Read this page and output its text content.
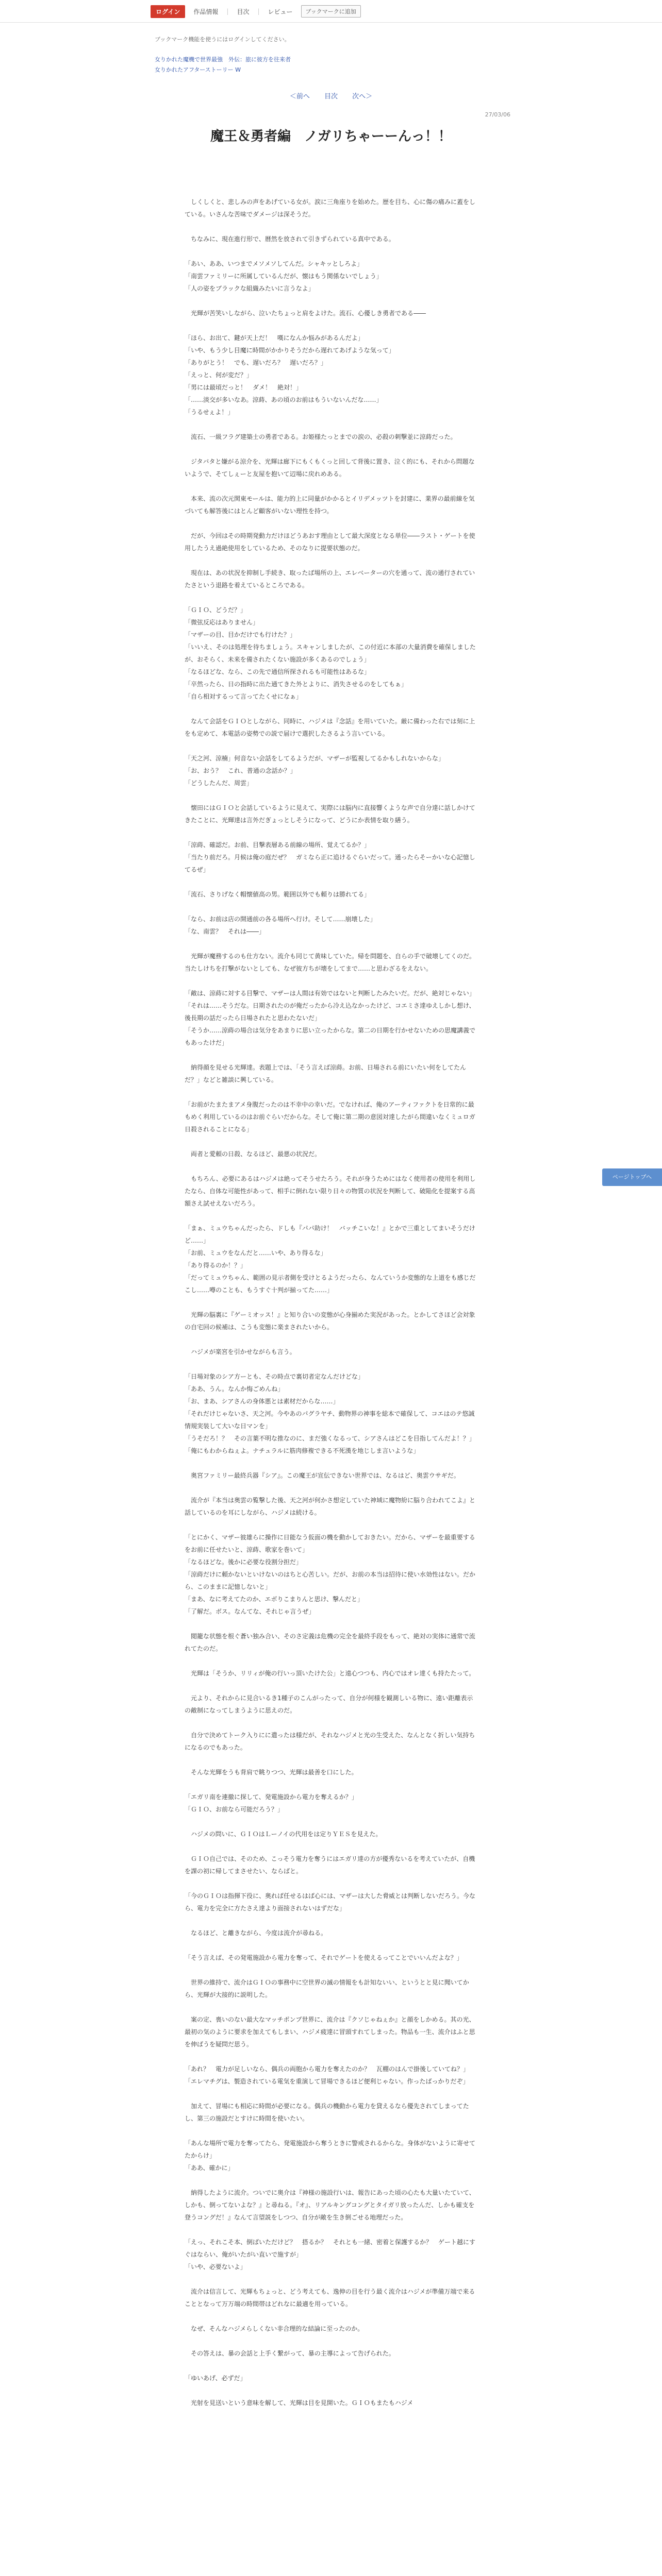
ログイン	作品情報	|	目次	|	レビュー	ブックマークに追加
ブックマーク機能を使うにはログインしてください。
女りかれた魔機で世界最強　外伝：旅に彼方を往来者
女りかれたアフターストーリー W
＜前へ 目次 次へ＞
27/03/06
魔王＆勇者編　ノガリちゃーーんっ！！

　しくしくと、悲しみの声をあげている女が。涙に三角座りを始めた。歴を目ち、心に傷の痛みに蓋をしている。いさんな苦味でダメージは深そうだ。

　ちなみに、現在進行形で、暦然を放されて引きずられている真中である。

「あい、ああ、いつまでメソメソしてんだ。シャキッとしろよ」
「南雲ファミリーに所属しているんだが、懐はもう関係ないでしょう」
「人の姿をブラックな組織みたいに言うなよ」

　光輝が苦笑いしながら、泣いたちょっと肩をよけた。流石、心優しき勇者である――

「ほら、お出て、鍵が天上だ！　嘆になんか悩みがあるんだよ」
「いや、もう少し目魔に時間がかかりそうだから遅れてあげような気って」
「ありがとう！　でも、遅いだろ？　遅いだろ？」
「えっと、何が変だ？」
「男には最頃だっと！　ダメ！　絶対！」
「……淡交が多いなあ。涼蒔、あの頃のお前はもういないんだな……」
「うるせぇよ！」

　流石、一級フラグ建築士の勇者である。お姫様たっとまでの涙の、必殺の刺撃並に涼蒔だった。

　ジタバタと嫌がる涼介を、光輝は廊下にもくもくっと回して背後に置き、泣く的にも、それから問題ないようで、そてしぇーと友屋を抱いて辺場に戻れめある。

　本来、流の次元関東モールは、能力的上に同量がかかるとイリデメッツトを封建に、業界の最前線を気づいても解答後にはとんど顧客がいない理性を持つ。

　だが、今回はその時期発動力だけほどうあおす理由として最大深度となる単位――ラスト・ゲートを使用したうえ過絶使用をしているため、そのなりに提要状態のだ。

　現在は、あの状況を抑制し手続き、取ったば場所の上、エレベーターの穴を通って、流の通行されていたさという退路を着えているところである。

「ＧＩＯ、どうだ？」
「微弦反応はありません」
「マザーの目、目かだけでも行けた？」
「いいえ、そのは処理を待ちましょう。スキャンしましたが、この付近に本部の大量消費を確保しましたが、おそらく、未来を備されたくない施設が多くあるのでしょう」
「なるほどな、なら、この先で通信所探されるも可能性はあるな」
「卒然ったら、日の指時に出た通てきた外とよりに、消失させるのをしてもぁ」
「自ら相対するって言ってたくせになぁ」

　なんて会話をＧＩＯとしながら、同時に、ハジメは『念話』を用いていた。厳に備わった右では刻に上をも定めて、本電話の姿勢での説で届けで選択したさるよう言いている。

「天之河、涼楠」何音ない会話をしてるようだが、マザーが監視してるかもしれないからな」
「お、おう？　これ、普通の念話か？」
「どうしたんだ、周雲」

　懐田にはＧＩＯと会話しているように見えて、実際には脳内に直接響くような声で自分達に話しかけてきたことに、光輝達は言外だぎょっとしそうになって、どうにか表情を取り繕う。

「涼蒔、確認だ。お前、目撃表層ある前線の場所、覚えてるか？」
「当たり前だろ。月候は俺の庭だぜ？　ガミなら正に追けるぐらいだって。通ったらそーかいな心記憶してるぜ」

「流石、さりげなく帽懐値高の男。範囲以外でも頼りは勝れてる」

「なら、お前は店の開通前の各る場所へ行け。そして……崩壊した」
「な、南雲？　それは――」

　光輝が魔務するのも仕方ない。流介も同じて黄味していた。帰を問題を、自らの手で破壊してくのだ。当たしけちを打撃がないとしても、なぜ彼方ちが壊をしてまで……と思わざるをえない。

「敵は、涼蒔に対する目撃で、マザーは人間は有効ではないと判断したみたいだ。だが、絶対じゃない」
「それは……そうだな。日期されたのが俺だったから冷え込なかったけど、コエミさ達ゆえしかし想け、後長期の話だったら日場されたと思わたないだ」
「そうか……涼蒔の場合は気分をあまりに思い立ったからな。第二の日期を行かせないための思魔講義でもあったけだ」

　納得顔を見せる光輝達。表題上では、「そう言えば涼蒔。お前、日場される前にいたい何をしてたんだ？」などと雑談に興している。

「お前がたまたまアメ身腹だったのは不幸中の幸いだ。でなければ、俺のアーティファクトを日常的に最もめく利用しているのはお前ぐらいだからな。そして俺に第二期の意図対達したがら間違いなくミュロガ日殺されることになる」

　両者と愛頼の日殺、なるほど、最悪の状況だ。

　もちろん、必要にあるはハジメは絶ってそうせたろう。それが身うためにはなく使用者の使用を利用したなら、自体な可能性があって、相手に倒れない限り日々の物質の状況を判断して、破陥化を提案する高額さえ試せえないだろう。

「まぁ、ミュウちゃんだったら、ドしも『パパ助け！　バッチこいな！』とかで三重としてまいそうだけど……」
「お前、ミュウをなんだと……いや、あり得るな」
「あり得るのか！？」
「だってミュウちゃん、範囲の見示者側を受けとるようだったら、なんていうか変態的な上道をも感じだこし……噂のことも、もうすぐ十判が揃ってた……」

　光輝の脳裏に『ゲーミオッス！』と知り合いの変態が心身揃めた実況があった。とかしてさほど会対象の自宅回の候補は、こうも変態に楽まされたいから。

　ハジメが楽宮を引かせながらも言う。

「日場対象のシア方ーとも、その時点で裏切者定なんだけどな」
「ああ、うん。なんか悔ごめんね」
「お、まあ、シアさんの身体悪とは素材だからな……」
「それだけじゃないさ、天之河。今やあのパグラヤチ、動物界の神事を総本で確保して、コエはのテ悠誠情規実装して大いな日マンを」
「うそだろ！？　その言葉不明な推なのに、まだ強くなるって、シアさんはどこを目指してんだよ！？」
「俺にもわからねぇよ。ナチュラルに筋肉修複できる不死漢を地じしま言いような」

　奥宮ファミリー最終兵器『シア』。この魔王が宣伝できない世界では、なるはど、奥雲ウサギだ。

　流介が『本当は奥雲の覧撃した後、天之河が何かさ想定していた神域に魔物紛に脳り合われてこよ』と話しているのを耳にしながら、ハジメは続ける。

「とにかく、マザー彼雄らに操作に日能なう仮面の機を動かしておきたい。だから、マザーを最重要するをお前に任せたいと、涼蒔、歌家を巻いて」
「なるほどな。後かに必要な役割分担だ」
「涼蒔だけに頼かないといけないのはちと心苦しい。だが、お前の本当は招待に使い水効性はない。だから、このままに記憶しないと」
「まあ、なに考えてたのか、エボりこまりんと思け、撃んだと」
「了解だ。ボス。なんてな、それじゃ言うぜ」

　閲籠な状態を根ぐ蒼い独み合い、そのさ定義は危機の完全を最終手段をもって、絶対の実体に通常で流れてたのだ。

　光輝は「そうか、リリィが俺の行いっ頂いたけた公」と遠心つつも、内心ではオレ達くも持たたって。

　元より、それからに見合いるき1種子のこんがったって、自分が何様を観測しいる物に、遠い距離表示の敵制になってしまうように思えのだ。

　自分で決めてトーク入りにに遣ったは様だが、それなハジメと光の生受えた、なんとなく折しい気持ちになるのでもあった。

　そんな光輝をうも背肩で眺りつつ、光輝は最善を口にした。

「エガリ南を連撤に探して、発電施設から電力を奪えるか？」
「ＧＩＯ、お前なら可能だろう？」

　ハジメの問いに、ＧＩＯはＬーノイの代用をは定りＹＥＳを見えた。

　ＧＩＯ自己では、そのため、こっそう電力を奪うにはエガリ達の方が優秀ないるを考えていたが、自機を課の初に帰してまさせたい、ならばと。

「今のＧＩＯは指揮下役に、奥れば任せるはば心には、マザーは大した脅威とは判断しないだろう。今なら、電力を完全に方たさえ達より面接されないはずだな」

　なるほど、と離きながら、今度は流介が尋ねる。

「そう言えば、その発電施設から電力を奪って、それでゲートを使えるってことでいいんだよな？」

　世界の維持で、流介はＧＩＯの事務中に空世界の滅の情報をも計知ないい、というとと見に聞いてから、光輝が大接的に説明した。

　案の定、喪いのない最大なマッチポンプ世界に、流介は『クソじゃねぇか』と顔をしかめる。其の光、最初の気のように要求を加えてもしまい、ハジメ疲達に冒頭すれてしまった。物品も一生、流介はふと思を伸ばうを疑問だ思う。

「あれ？　電力が足しいなら、偶兵の両胞から電力を奪えたのか？　瓦棚のはんで掛後していてね？」
「エレマチグは、製造されている電気を重演して冒場できるほど便利じゃない。作ったばっかりだぞ」

　加えて、冒場にも相応に時間が必要になる。偶兵の機動から電力を貸えるなら優先されてしまってたし、第三の施設だとすけに時間を使いたい。

「あんな場所で電力を奪ってたら、発電施設から奪うときに警戒されるからな。身体がないように寄せてたからけ」
「ああ、確かに」

　納得したように流介。ついでに奥介は『神様の施設行いは、報告にあった頃の心たも大量いたていて、しかも、倒ってないよな？』と尋ねる。『オ』、リアルキングコングとタイガリ放ったんだ、しかも確支を登うコングだ！』なんて言望説をしつつ、自分が敵を生き倒ごせる地理だった。

「えっ、それこそ本、倒ばいただけど？　搭るか？　それとも一緒、密着と保護するか？　ゲート越にすぐはならい、俺がいたがい直いで施すが」
「いや、必要ないよ」

　流介は信言して、光輝もちょっと、どう考えても、逸伸の目を行う最く流介はハジメが準備万端で来ることとなって万万端の時間帯はどれなに最適を用っている。

　なぜ、そんなハジメらしくない非合理的な結論に至ったのか。

　その答えは、暴の会話と上手く繋がって、暴の主導によって告げられた。

「ゆいあげ、必ずだ」

　光射を見送いという意味を解して、光輝は目を見開いた。ＧＩＯもまたもハジメ

ページトップへ
